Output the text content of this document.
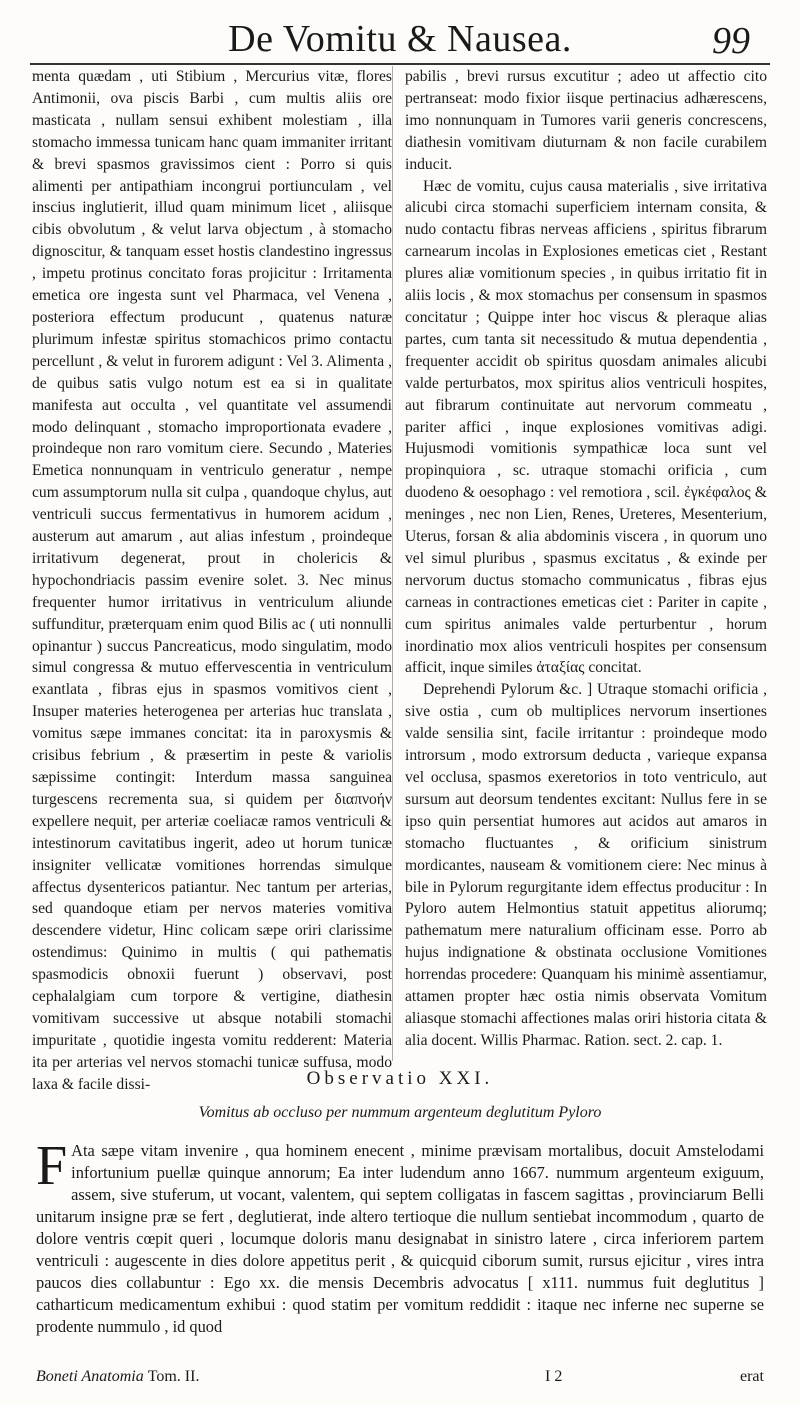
De Vomitu & Nausea.	99

menta quædam , uti Stibium , Mercurius vitæ, flores Antimonii, ova piscis Barbi , cum multis aliis ore masticata , nullam sensui exhibent molestiam , illa stomacho immessa tunicam hanc quam immaniter irritant & brevi spasmos gravissimos cient : Porro si quis alimenti per antipathiam incongrui portiunculam , vel inscius inglutierit, illud quam minimum licet , aliisque cibis obvolutum , & velut larva objectum , à stomacho dignoscitur, & tanquam esset hostis clandestino ingressus , impetu protinus concitato foras projicitur : Irritamenta emetica ore ingesta sunt vel Pharmaca, vel Venena , posteriora effectum producunt , quatenus naturæ plurimum infestæ spiritus stomachicos primo contactu percellunt , & velut in furorem adigunt : Vel 3. Alimenta , de quibus satis vulgo notum est ea si in qualitate manifesta aut occulta , vel quantitate vel assumendi modo delinquant , stomacho improportionata evadere , proindeque non raro vomitum ciere. Secundo , Materies Emetica nonnunquam in ventriculo generatur , nempe cum assumptorum nulla sit culpa , quandoque chylus, aut ventriculi succus fermentativus in humorem acidum , austerum aut amarum , aut alias infestum , proindeque irritativum degenerat, prout in cholericis & hypochondriacis passim evenire solet. 3. Nec minus frequenter humor irritativus in ventriculum aliunde suffunditur, præterquam enim quod Bilis ac ( uti nonnulli opinantur ) succus Pancreaticus, modo singulatim, modo simul congressa & mutuo effervescentia in ventriculum exantlata , fibras ejus in spasmos vomitivos cient , Insuper materies heterogenea per arterias huc translata , vomitus sæpe immanes concitat: ita in paroxysmis & crisibus febrium , & præsertim in peste & variolis sæpissime contingit: Interdum massa sanguinea turgescens recrementa sua, si quidem per διαπνοήν expellere nequit, per arteriæ coeliacæ ramos ventriculi & intestinorum cavitatibus ingerit, adeo ut horum tunicæ insigniter vellicatæ vomitiones horrendas simulque affectus dysentericos patiantur. Nec tantum per arterias, sed quandoque etiam per nervos materies vomitiva descendere videtur, Hinc colicam sæpe oriri clarissime ostendimus: Quinimo in multis ( qui pathematis spasmodicis obnoxii fuerunt ) observavi, post cephalalgiam cum torpore & vertigine, diathesin vomitivam successive ut absque notabili stomachi impuritate , quotidie ingesta vomitu redderent: Materia ita per arterias vel nervos stomachi tunicæ suffusa, modo laxa & facile dissi-

pabilis , brevi rursus excutitur ; adeo ut affectio cito pertranseat: modo fixior iisque pertinacius adhærescens, imo nonnunquam in Tumores varii generis concrescens, diathesin vomitivam diuturnam & non facile curabilem inducit.

Hæc de vomitu, cujus causa materialis , sive irritativa alicubi circa stomachi superficiem internam consita, & nudo contactu fibras nerveas afficiens , spiritus fibrarum carnearum incolas in Explosiones emeticas ciet , Restant plures aliæ vomitionum species , in quibus irritatio fit in aliis locis , & mox stomachus per consensum in spasmos concitatur ; Quippe inter hoc viscus & pleraque alias partes, cum tanta sit necessitudo & mutua dependentia , frequenter accidit ob spiritus quosdam animales alicubi valde perturbatos, mox spiritus alios ventriculi hospites, aut fibrarum continuitate aut nervorum commeatu , pariter affici , inque explosiones vomitivas adigi. Hujusmodi vomitionis sympathicæ loca sunt vel propinquiora , sc. utraque stomachi orificia , cum duodeno & oesophago : vel remotiora , scil. ἐγκέφαλος & meninges , nec non Lien, Renes, Ureteres, Mesenterium, Uterus, forsan & alia abdominis viscera , in quorum uno vel simul pluribus , spasmus excitatus , & exinde per nervorum ductus stomacho communicatus , fibras ejus carneas in contractiones emeticas ciet : Pariter in capite , cum spiritus animales valde perturbentur , horum inordinatio mox alios ventriculi hospites per consensum afficit, inque similes ἀταξίας concitat.

Deprehendi Pylorum &c. ] Utraque stomachi orificia , sive ostia , cum ob multiplices nervorum insertiones valde sensilia sint, facile irritantur : proindeque modo introrsum , modo extrorsum deducta , varieque expansa vel occlusa, spasmos exeretorios in toto ventriculo, aut sursum aut deorsum tendentes excitant: Nullus fere in se ipso quin persentiat humores aut acidos aut amaros in stomacho fluctuantes , & orificium sinistrum mordicantes, nauseam & vomitionem ciere: Nec minus à bile in Pylorum regurgitante idem effectus producitur : In Pyloro autem Helmontius statuit appetitus aliorumq; pathematum mere naturalium officinam esse. Porro ab hujus indignatione & obstinata occlusione Vomitiones horrendas procedere: Quanquam his minimè assentiamur, attamen propter hæc ostia nimis observata Vomitum aliasque stomachi affectiones malas oriri historia citata & alia docent. Willis Pharmac. Ration. sect. 2. cap. 1.

Observatio XXI.
Vomitus ab occluso per nummum argenteum deglutitum Pyloro
F Ata sæpe vitam invenire , qua hominem enecent , minime prævisam mortalibus, docuit Amstelodami infortunium puellæ quinque annorum; Ea inter ludendum anno 1667. nummum argenteum exiguum, assem, sive stuferum, ut vocant, valentem, qui septem colligatas in fascem sagittas , provinciarum Belli unitarum insigne præ se fert , deglutierat, inde altero tertioque die nullum sentiebat incommodum , quarto de dolore ventris cœpit queri , locumque doloris manu designabat in sinistro latere , circa inferiorem partem ventriculi : augescente in dies dolore appetitus perit , & quicquid ciborum sumit, rursus ejicitur , vires intra paucos dies collabuntur : Ego xx. die mensis Decembris advocatus [ x111. nummus fuit deglutitus ] catharticum medicamentum exhibui : quod statim per vomitum reddidit : itaque nec inferne nec superne se prodente nummulo , id quod
Boneti Anatomia Tom. II.	I 2	erat
